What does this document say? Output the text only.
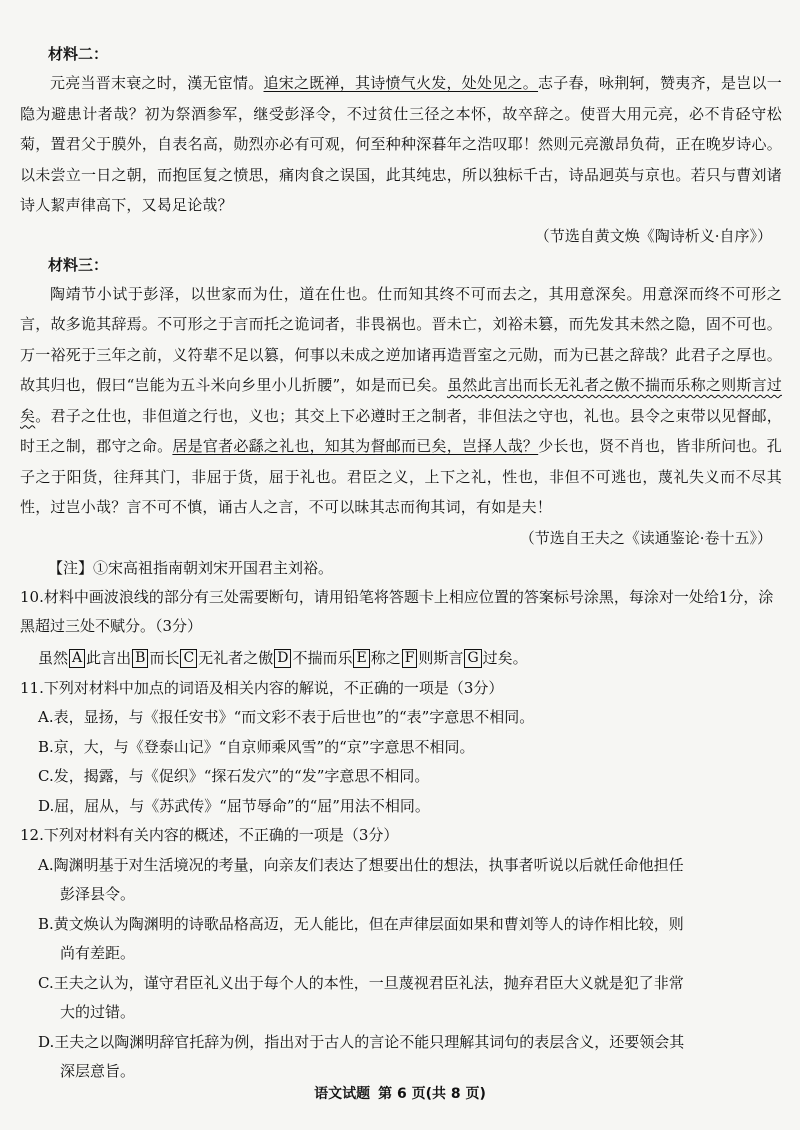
材料二：

元亮当晋末衰之时，漢无宦情。追宋之既禅，其诗愤气火发，处处见之。志子春，咏荆轲，赞夷齐，是岂以一隐为避患计者哉？初为祭酒参军，继受彭泽令，不过贫仕三径之本怀，故卒辞之。使晋大用元亮，必不肯硁守松菊，置君父于膜外，自表名高，勋烈亦必有可观，何至种种深暮年之浩叹耶！然则元亮激昂负荷，正在晚岁诗心。以未尝立一日之朝，而抱匡复之愤思，痛肉食之误国，此其纯忠，所以独标千古，诗品迥英与京也。若只与曹刘诸诗人絜声律高下，又曷足论哉？

（节选自黄文焕《陶诗析义·自序》）

材料三：

陶靖节小试于彭泽，以世家而为仕，道在仕也。仕而知其终不可而去之，其用意深矣。用意深而终不可形之言，故多诡其辞焉。不可形之于言而托之诡词者，非畏祸也。晋未亡，刘裕未篡，而先发其未然之隐，固不可也。万一裕死于三年之前，义符辈不足以篡，何事以未成之逆加诸再造晋室之元勋，而为已甚之辞哉？此君子之厚也。故其归也，假曰“岂能为五斗米向乡里小儿折腰”，如是而已矣。虽然此言出而长无礼者之傲不揣而乐称之则斯言过矣。君子之仕也，非但道之行也，义也；其交上下必遵时王之制者，非但法之守也，礼也。县令之束带以见督邮，时王之制，郡守之命。居是官者必繇之礼也，知其为督邮而已矣，岂择人哉？少长也，贤不肖也，皆非所问也。孔子之于阳货，往拜其门，非屈于货，屈于礼也。君臣之义，上下之礼，性也，非但不可逃也，蔑礼失义而不尽其性，过岂小哉？言不可不慎，诵古人之言，不可以昧其志而徇其词，有如是夫！

（节选自王夫之《读通鉴论·卷十五》）

【注】①宋高祖指南朝刘宋开国君主刘裕。

10.材料中画波浪线的部分有三处需要断句，请用铅笔将答题卡上相应位置的答案标号涂黑，每涂对一处给1分，涂黑超过三处不赋分。（3分）

虽然 A 此言出 B 而长 C 无礼者之傲 D 不揣而乐 E 称之 F 则斯言 G 过矣。

11.下列对材料中加点的词语及相关内容的解说，不正确的一项是（3分）

A.表，显扬，与《报任安书》“而文彩不表于后世也”的“表”字意思不相同。

B.京，大，与《登泰山记》“自京师乘风雪”的“京”字意思不相同。

C.发，揭露，与《促织》“探石发穴”的“发”字意思不相同。

D.屈，屈从，与《苏武传》“屈节辱命”的“屈”用法不相同。

12.下列对材料有关内容的概述，不正确的一项是（3分）

A.陶渊明基于对生活境况的考量，向亲友们表达了想要出仕的想法，执事者听说以后就任命他担任

彭泽县令。

B.黄文焕认为陶渊明的诗歌品格高迈，无人能比，但在声律层面如果和曹刘等人的诗作相比较，则

尚有差距。

C.王夫之认为，谨守君臣礼义出于每个人的本性，一旦蔑视君臣礼法，抛弃君臣大义就是犯了非常

大的过错。

D.王夫之以陶渊明辞官托辞为例，指出对于古人的言论不能只理解其词句的表层含义，还要领会其

深层意旨。

语文试题 第 6 页(共 8 页)
